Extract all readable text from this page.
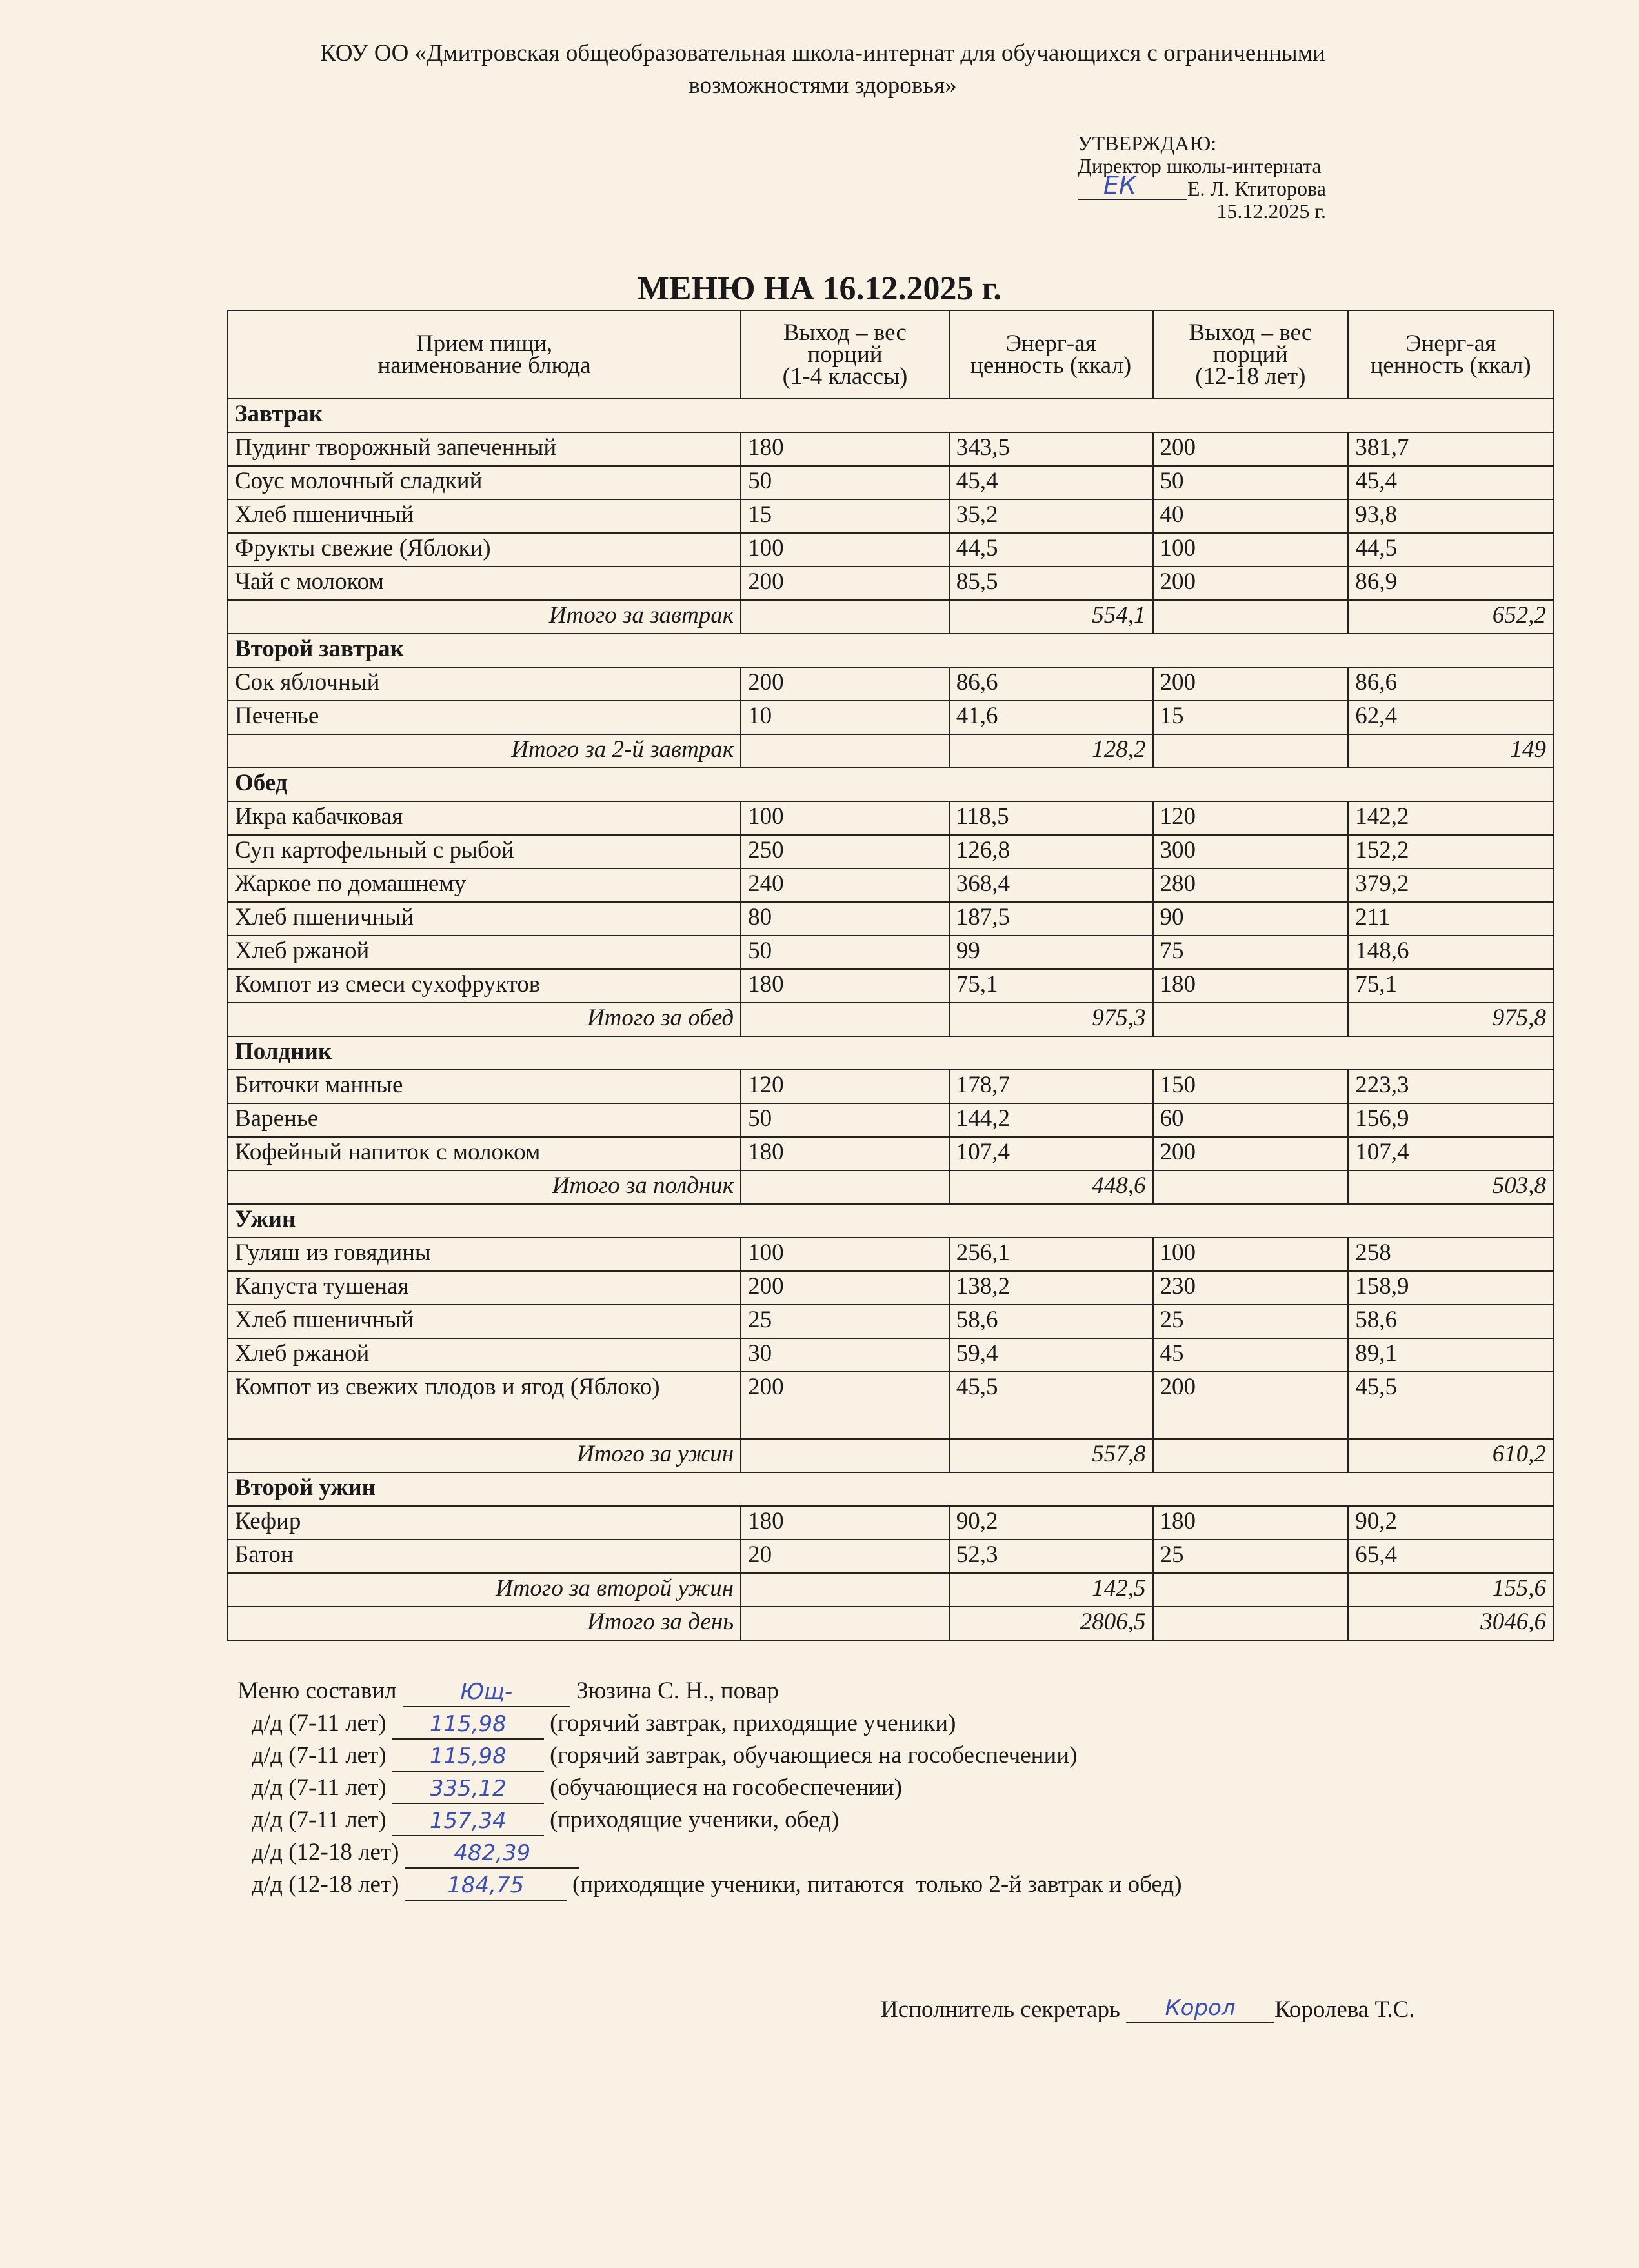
КОУ ОО «Дмитровская общеобразовательная школа-интернат для обучающихся с ограниченными
возможностями здоровья»
УТВЕРЖДАЮ:
Директор школы-интерната
ЕК Е. Л. Ктиторова
15.12.2025 г.
МЕНЮ НА 16.12.2025 г.
Прием пищи,
наименование блюда	Выход – вес
порций
(1-4 классы)	Энерг-ая
ценность (ккал)	Выход – вес
порций
(12-18 лет)	Энерг-ая
ценность (ккал)
Завтрак				
Пудинг творожный запеченный	180	343,5	200	381,7
Соус молочный сладкий	50	45,4	50	45,4
Хлеб пшеничный	15	35,2	40	93,8
Фрукты свежие (Яблоки)	100	44,5	100	44,5
Чай с молоком	200	85,5	200	86,9
Итого за завтрак		554,1		652,2
Второй завтрак				
Сок яблочный	200	86,6	200	86,6
Печенье	10	41,6	15	62,4
Итого за 2-й завтрак		128,2		149
Обед				
Икра кабачковая	100	118,5	120	142,2
Суп картофельный с рыбой	250	126,8	300	152,2
Жаркое по домашнему	240	368,4	280	379,2
Хлеб пшеничный	80	187,5	90	211
Хлеб ржаной	50	99	75	148,6
Компот из смеси сухофруктов	180	75,1	180	75,1
Итого за обед		975,3		975,8
Полдник				
Биточки манные	120	178,7	150	223,3
Варенье	50	144,2	60	156,9
Кофейный напиток с молоком	180	107,4	200	107,4
Итого за полдник		448,6		503,8
Ужин				
Гуляш из говядины	100	256,1	100	258
Капуста тушеная	200	138,2	230	158,9
Хлеб пшеничный	25	58,6	25	58,6
Хлеб ржаной	30	59,4	45	89,1
Компот из свежих плодов и ягод (Яблоко)	200	45,5	200	45,5
Итого за ужин		557,8		610,2
Второй ужин				
Кефир	180	90,2	180	90,2
Батон	20	52,3	25	65,4
Итого за второй ужин		142,5		155,6
Итого за день		2806,5		3046,6
Меню составил	Ющ-	Зюзина С. Н., повар
д/д (7-11 лет) 115,98 (горячий завтрак, приходящие ученики)
д/д (7-11 лет) 115,98 (горячий завтрак, обучающиеся на гособеспечении)
д/д (7-11 лет) 335,12 (обучающиеся на гособеспечении)
д/д (7-11 лет) 157,34 (приходящие ученики, обед)
д/д (12-18 лет) 482,39
д/д (12-18 лет) 184,75 (приходящие ученики, питаются  только 2-й завтрак и обед)
Исполнитель секретарь Корол Королева Т.С.
